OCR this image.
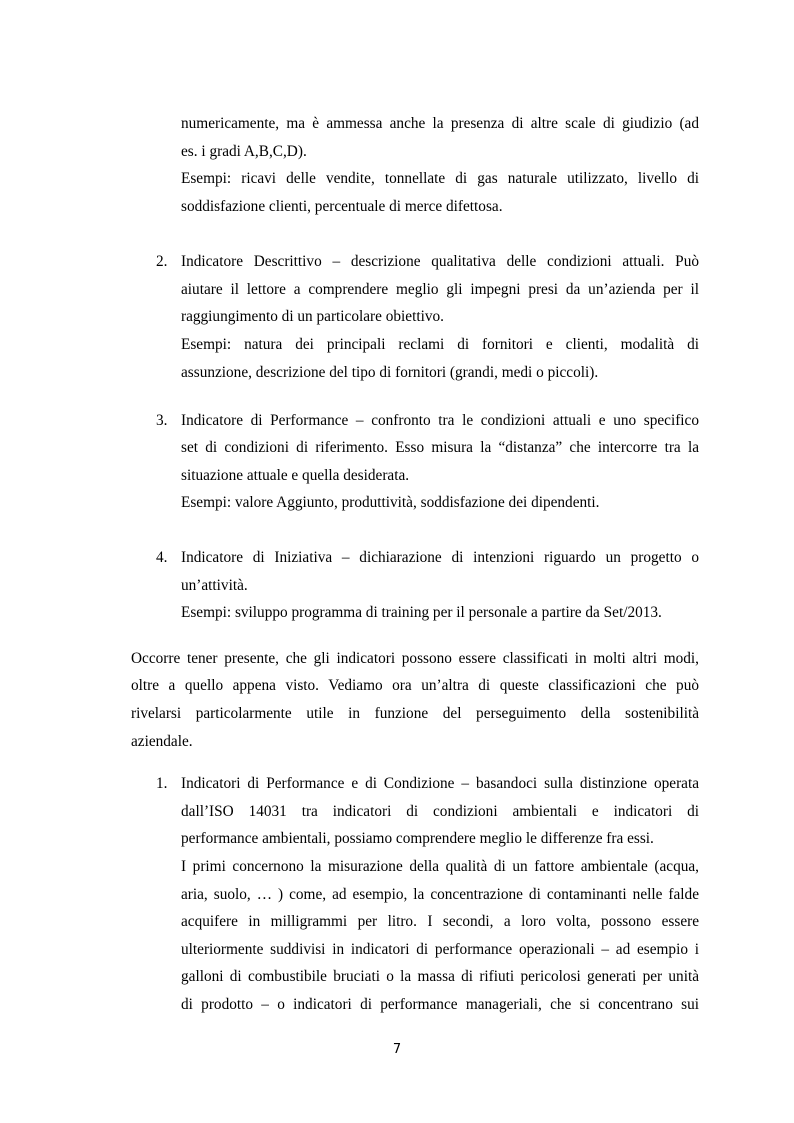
numericamente, ma è ammessa anche la presenza di altre scale di giudizio (ad
es. i gradi A,B,C,D).
Esempi: ricavi delle vendite, tonnellate di gas naturale utilizzato, livello di
soddisfazione clienti, percentuale di merce difettosa.
2. Indicatore Descrittivo – descrizione qualitativa delle condizioni attuali. Può
aiutare il lettore a comprendere meglio gli impegni presi da un’azienda per il
raggiungimento di un particolare obiettivo.
Esempi: natura dei principali reclami di fornitori e clienti, modalità di
assunzione, descrizione del tipo di fornitori (grandi, medi o piccoli).
3. Indicatore di Performance – confronto tra le condizioni attuali e uno specifico
set di condizioni di riferimento. Esso misura la “distanza” che intercorre tra la
situazione attuale e quella desiderata.
Esempi: valore Aggiunto, produttività, soddisfazione dei dipendenti.
4. Indicatore di Iniziativa – dichiarazione di intenzioni riguardo un progetto o
un’attività.
Esempi: sviluppo programma di training per il personale a partire da Set/2013.
Occorre tener presente, che gli indicatori possono essere classificati in molti altri modi,
oltre a quello appena visto. Vediamo ora un’altra di queste classificazioni che può
rivelarsi particolarmente utile in funzione del perseguimento della sostenibilità
aziendale.
1. Indicatori di Performance e di Condizione – basandoci sulla distinzione operata
dall’ISO 14031 tra indicatori di condizioni ambientali e indicatori di
performance ambientali, possiamo comprendere meglio le differenze fra essi.
I primi concernono la misurazione della qualità di un fattore ambientale (acqua,
aria, suolo, … ) come, ad esempio, la concentrazione di contaminanti nelle falde
acquifere in milligrammi per litro. I secondi, a loro volta, possono essere
ulteriormente suddivisi in indicatori di performance operazionali – ad esempio i
galloni di combustibile bruciati o la massa di rifiuti pericolosi generati per unità
di prodotto – o indicatori di performance manageriali, che si concentrano sui
7
